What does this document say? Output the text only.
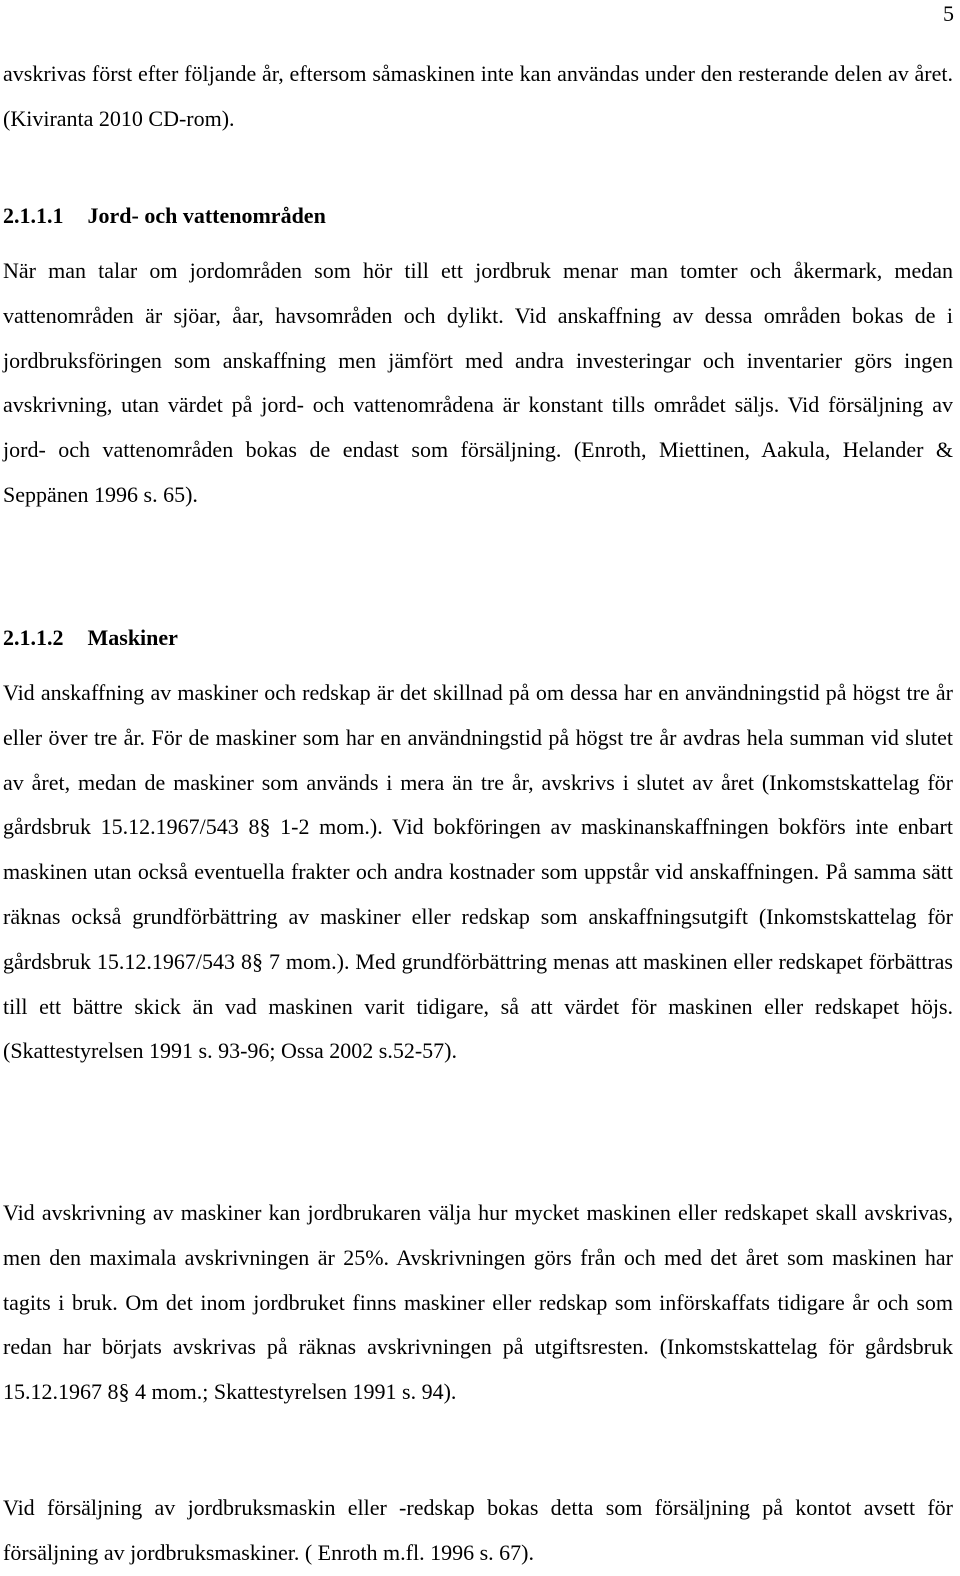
5

avskrivas först efter följande år, eftersom såmaskinen inte kan användas under den resterande delen av året. (Kiviranta 2010 CD-rom).

2.1.1.1 Jord- och vattenområden

När man talar om jordområden som hör till ett jordbruk menar man tomter och åkermark, medan vattenområden är sjöar, åar, havsområden och dylikt. Vid anskaffning av dessa områden bokas de i jordbruksföringen som anskaffning men jämfört med andra investeringar och inventarier görs ingen avskrivning, utan värdet på jord- och vattenområdena är konstant tills området säljs. Vid försäljning av jord- och vattenområden bokas de endast som försäljning. (Enroth, Miettinen, Aakula, Helander & Seppänen 1996 s. 65).

2.1.1.2 Maskiner

Vid anskaffning av maskiner och redskap är det skillnad på om dessa har en användningstid på högst tre år eller över tre år. För de maskiner som har en användningstid på högst tre år avdras hela summan vid slutet av året, medan de maskiner som används i mera än tre år, avskrivs i slutet av året (Inkomstskattelag för gårdsbruk 15.12.1967/543 8§ 1-2 mom.). Vid bokföringen av maskinanskaffningen bokförs inte enbart maskinen utan också eventuella frakter och andra kostnader som uppstår vid anskaffningen. På samma sätt räknas också grundförbättring av maskiner eller redskap som anskaffningsutgift (Inkomstskattelag för gårdsbruk 15.12.1967/543 8§ 7 mom.). Med grundförbättring menas att maskinen eller redskapet förbättras till ett bättre skick än vad maskinen varit tidigare, så att värdet för maskinen eller redskapet höjs. (Skattestyrelsen 1991 s. 93-96; Ossa 2002 s.52-57).

Vid avskrivning av maskiner kan jordbrukaren välja hur mycket maskinen eller redskapet skall avskrivas, men den maximala avskrivningen är 25%. Avskrivningen görs från och med det året som maskinen har tagits i bruk. Om det inom jordbruket finns maskiner eller redskap som införskaffats tidigare år och som redan har börjats avskrivas på räknas avskrivningen på utgiftsresten. (Inkomstskattelag för gårdsbruk 15.12.1967 8§ 4 mom.; Skattestyrelsen 1991 s. 94).

Vid försäljning av jordbruksmaskin eller -redskap bokas detta som försäljning på kontot avsett för försäljning av jordbruksmaskiner. ( Enroth m.fl. 1996 s. 67).
